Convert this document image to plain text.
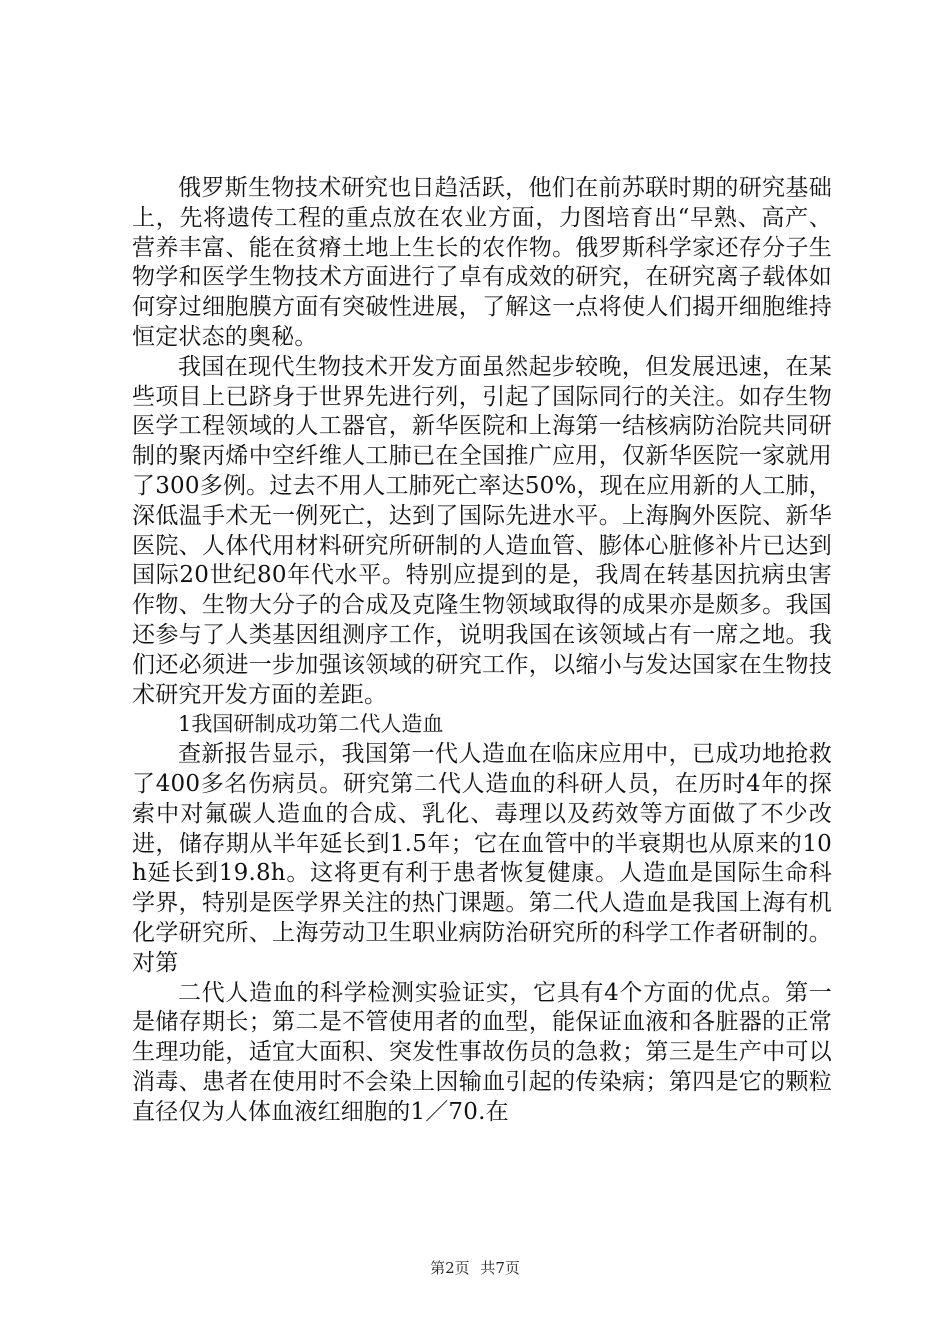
俄罗斯生物技术研究也日趋活跃，他们在前苏联时期的研究基础上，先将遗传工程的重点放在农业方面，力图培育出“早熟、高产、营养丰富、能在贫瘠土地上生长的农作物。俄罗斯科学家还存分子生物学和医学生物技术方面进行了卓有成效的研究，在研究离子载体如何穿过细胞膜方面有突破性进展，了解这一点将使人们揭开细胞维持恒定状态的奥秘。

我国在现代生物技术开发方面虽然起步较晚，但发展迅速，在某些项目上已跻身于世界先进行列，引起了国际同行的关注。如存生物医学工程领域的人工器官，新华医院和上海第一结核病防治院共同研制的聚丙烯中空纤维人工肺已在全国推广应用，仅新华医院一家就用了300多例。过去不用人工肺死亡率达50%，现在应用新的人工肺，深低温手术无一例死亡，达到了国际先进水平。上海胸外医院、新华医院、人体代用材料研究所研制的人造血管、膨体心脏修补片已达到国际20世纪80年代水平。特别应提到的是，我周在转基因抗病虫害作物、生物大分子的合成及克隆生物领域取得的成果亦是颇多。我国还参与了人类基因组测序工作，说明我国在该领域占有一席之地。我们还必须进一步加强该领域的研究工作，以缩小与发达国家在生物技术研究开发方面的差距。

1我国研制成功第二代人造血

查新报告显示，我国第一代人造血在临床应用中，已成功地抢救了400多名伤病员。研究第二代人造血的科研人员，在历时4年的探索中对氟碳人造血的合成、乳化、毒理以及药效等方面做了不少改进，储存期从半年延长到1.5年；它在血管中的半衰期也从原来的10h延长到19.8h。这将更有利于患者恢复健康。人造血是国际生命科学界，特别是医学界关注的热门课题。第二代人造血是我国上海有机化学研究所、上海劳动卫生职业病防治研究所的科学工作者研制的。对第

二代人造血的科学检测实验证实，它具有4个方面的优点。第一是储存期长；第二是不管使用者的血型，能保证血液和各脏器的正常生理功能，适宜大面积、突发性事故伤员的急救；第三是生产中可以消毒、患者在使用时不会染上因输血引起的传染病；第四是它的颗粒直径仅为人体血液红细胞的1／70.在

第2页 共7页
